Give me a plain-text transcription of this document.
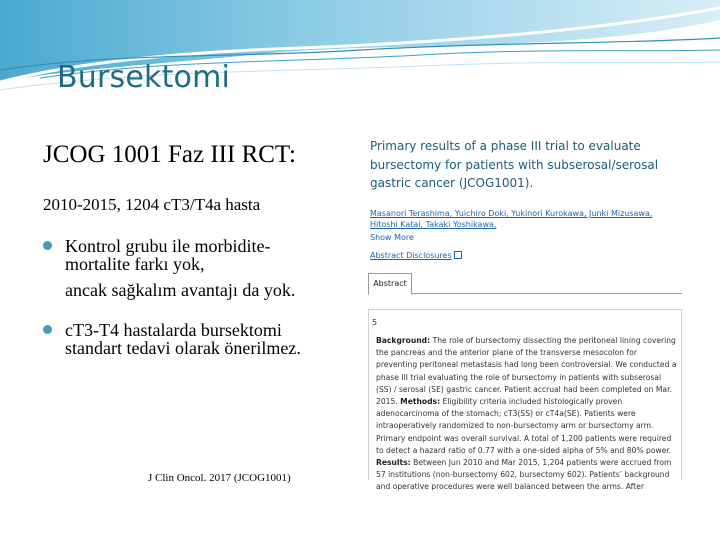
Bursektomi

JCOG 1001 Faz III RCT:

2010-2015, 1204 cT3/T4a hasta
Kontrol grubu ile morbidite-mortalite farkı yok,
ancak sağkalım avantajı da yok.
cT3-T4 hastalarda bursektomi standart tedavi olarak önerilmez.
J Clin Oncol. 2017 (JCOG1001)
Primary results of a phase III trial to evaluate bursectomy for patients with subserosal/serosal gastric cancer (JCOG1001).
Masanori Terashima, Yuichiro Doki, Yukinori Kurokawa, Junki Mizusawa, Hitoshi Katai, Takaki Yoshikawa,
Show More
Abstract Disclosures
Abstract
5
Background: The role of bursectomy dissecting the peritoneal lining covering the pancreas and the anterior plane of the transverse mesocolon for preventing peritoneal metastasis had long been controversial. We conducted a phase III trial evaluating the role of bursectomy in patients with subserosal (SS) / serosal (SE) gastric cancer. Patient accrual had been completed on Mar. 2015. Methods: Eligibility criteria included histologically proven adenocarcinoma of the stomach; cT3(SS) or cT4a(SE). Patients were intraoperatively randomized to non-bursectomy arm or bursectomy arm. Primary endpoint was overall survival. A total of 1,200 patients were required to detect a hazard ratio of 0.77 with a one-sided alpha of 5% and 80% power. Results: Between Jun 2010 and Mar 2015, 1,204 patients were accrued from 57 institutions (non-bursectomy 602, bursectomy 602). Patients’ background and operative procedures were well balanced between the arms. After
